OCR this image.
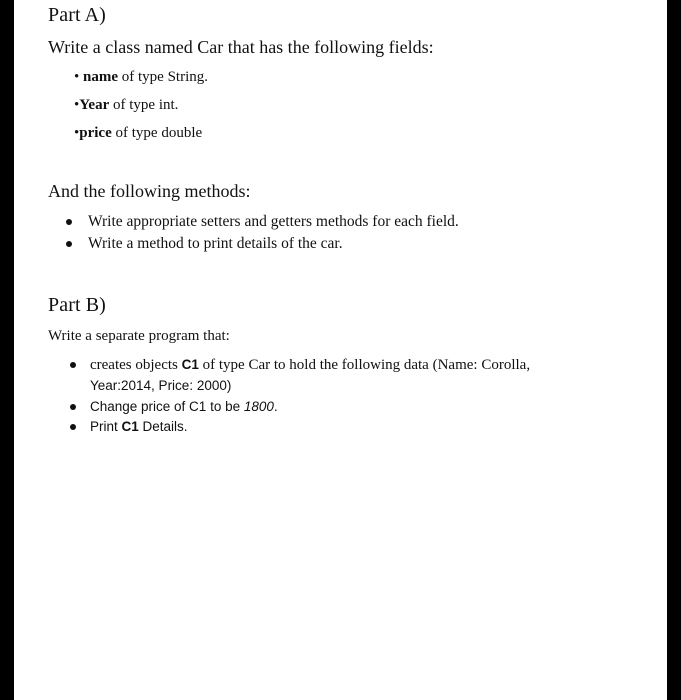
Part A)
Write a class named Car that has the following fields:
• name of type String.
•Year of type int.
•price of type double
And the following methods:
Write appropriate setters and getters methods for each field.
Write a method to print details of the car.
Part B)
Write a separate program that:
creates objects C1 of type Car to hold the following data (Name: Corolla,
Year:2014, Price: 2000)
Change price of C1 to be 1800.
Print C1 Details.
